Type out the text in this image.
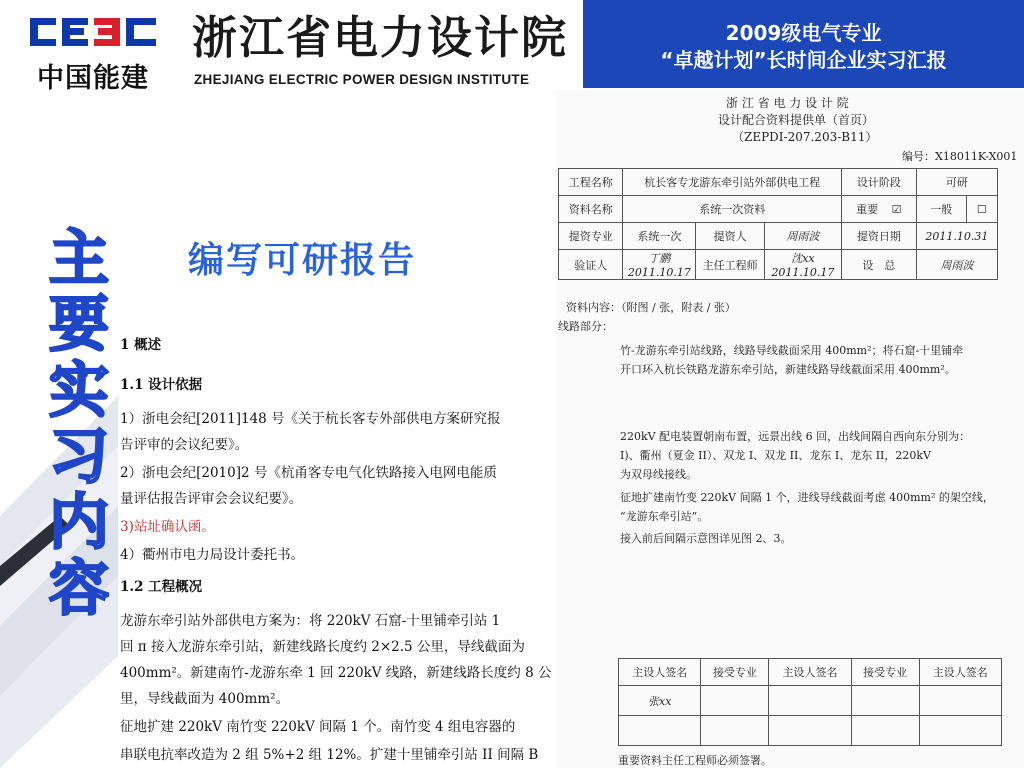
中国能建
浙江省电力设计院
ZHEJIANG ELECTRIC POWER DESIGN INSTITUTE
2009级电气专业
“卓越计划”长时间企业实习汇报
主
要
实
习
内
容
编写可研报告
1 概述
1.1 设计依据
1）浙电会纪[2011]148 号《关于杭长客专外部供电方案研究报
告评审的会议纪要》。
2）浙电会纪[2010]2 号《杭甬客专电气化铁路接入电网电能质
量评估报告评审会会议纪要》。
3)站址确认函。
4）衢州市电力局设计委托书。
1.2 工程概况
龙游东牵引站外部供电方案为：将 220kV 石窟-十里铺牵引站 1
回 π 接入龙游东牵引站，新建线路长度约 2×2.5 公里，导线截面为
400mm²。新建南竹-龙游东牵 1 回 220kV 线路，新建线路长度约 8 公
里，导线截面为 400mm²。
征地扩建 220kV 南竹变 220kV 间隔 1 个。南竹变 4 组电容器的
串联电抗率改造为 2 组 5%+2 组 12%。扩建十里铺牵引站 II 间隔 B
浙 江 省 电 力 设 计 院
设计配合资料提供单（首页）
（ZEPDI-207.203-B11）
编号：X18011K-X001
工程名称	杭长客专龙游东牵引站外部供电工程			设计阶段	可研	
资料名称	系统一次资料			重要 ☑	一般	☐
提资专业	系统一次	提资人	周雨波	提资日期	2011.10.31	
验证人	丁鹏 2011.10.17	主任工程师	沈xx 2011.10.17	设　总	周雨波	
资料内容：（附图 / 张，附表 / 张）
线路部分：
竹-龙游东牵引站线路，线路导线截面采用 400mm²；将石窟-十里铺牵
开口环入杭长铁路龙游东牵引站，新建线路导线截面采用 400mm²。
220kV 配电装置朝南布置，远景出线 6 回，出线间隔自西向东分别为：
I)、衢州（夏金 II）、双龙 I、双龙 II、龙东 I、龙东 II，220kV
为双母线接线。
征地扩建南竹变 220kV 间隔 1 个，进线导线截面考虑 400mm² 的架空线，
“龙游东牵引站”。
接入前后间隔示意图详见图 2、3。
主设人签名	接受专业	主设人签名	接受专业	主设人签名
张xx				

重要资料主任工程师必须签署。
